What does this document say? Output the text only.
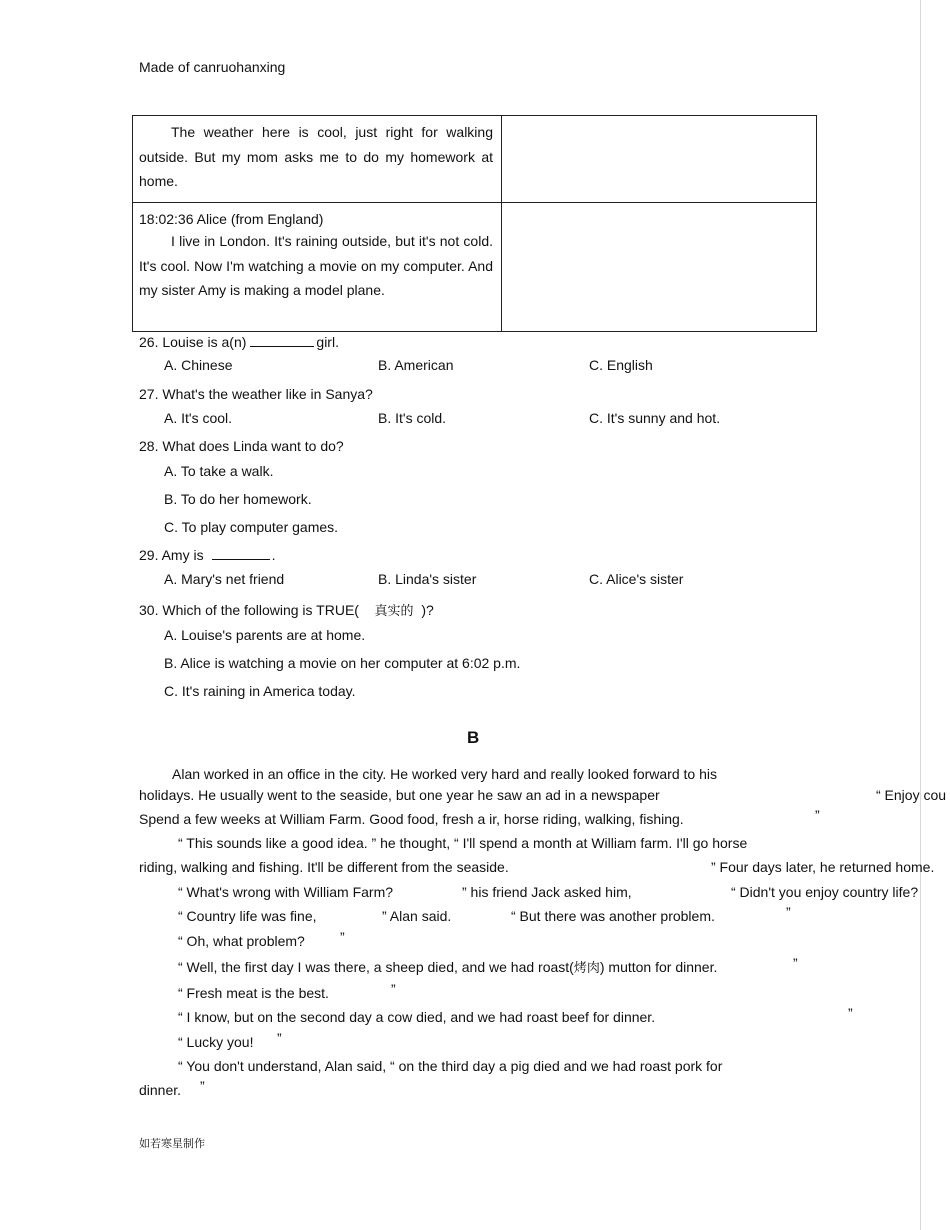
Made of canruohanxing
The weather here is cool, just right for walking outside. But my mom asks me to do my homework at home.	

18:02:36 Alice (from England)
I live in London. It's raining outside, but it's not cold. It's cool. Now I'm watching a movie on my computer. And my sister Amy is making a model plane.	

26. Louise is a(n)	girl.
A. Chinese	B. American	C. English
27. What's the weather like in Sanya?
A. It's cool.	B. It's cold.	C. It's sunny and hot.
28. What does Linda want to do?
A. To take a walk.
B. To do her homework.
C. To play computer games.
29. Amy is	.
A. Mary's net friend	B. Linda's sister	C. Alice's sister
30. Which of the following is TRUE( 真实的 )?
A. Louise's parents are at home.
B. Alice is watching a movie on her computer at 6:02 p.m.
C. It's raining in America today.
B
Alan worked in an office in the city. He worked very hard and really looked forward to his
holidays. He usually went to the seaside, but one year he saw an ad in a newspaper	“ Enjoy cou
Spend a few weeks at William Farm. Good food, fresh a ir, horse riding, walking, fishing.	”
“ This sounds like a good idea. ” he thought, “ I'll spend a month at William farm. I'll go horse
riding, walking and fishing. It'll be different from the seaside.	” Four days later, he returned home.
“ What's wrong with William Farm?	” his friend Jack asked him,	“ Didn't you enjoy country life?
“ Country life was fine,	” Alan said.	“ But there was another problem.	”
“ Oh, what problem?	”
“ Well, the first day I was there, a sheep died, and we had roast(烤肉) mutton for dinner.	”
“ Fresh meat is the best.	”
“ I know, but on the second day a cow died, and we had roast beef for dinner.	”
“ Lucky you! ”
“ You don't understand, Alan said, “ on the third day a pig died and we had roast pork for
dinner. ”
如若寒星制作
